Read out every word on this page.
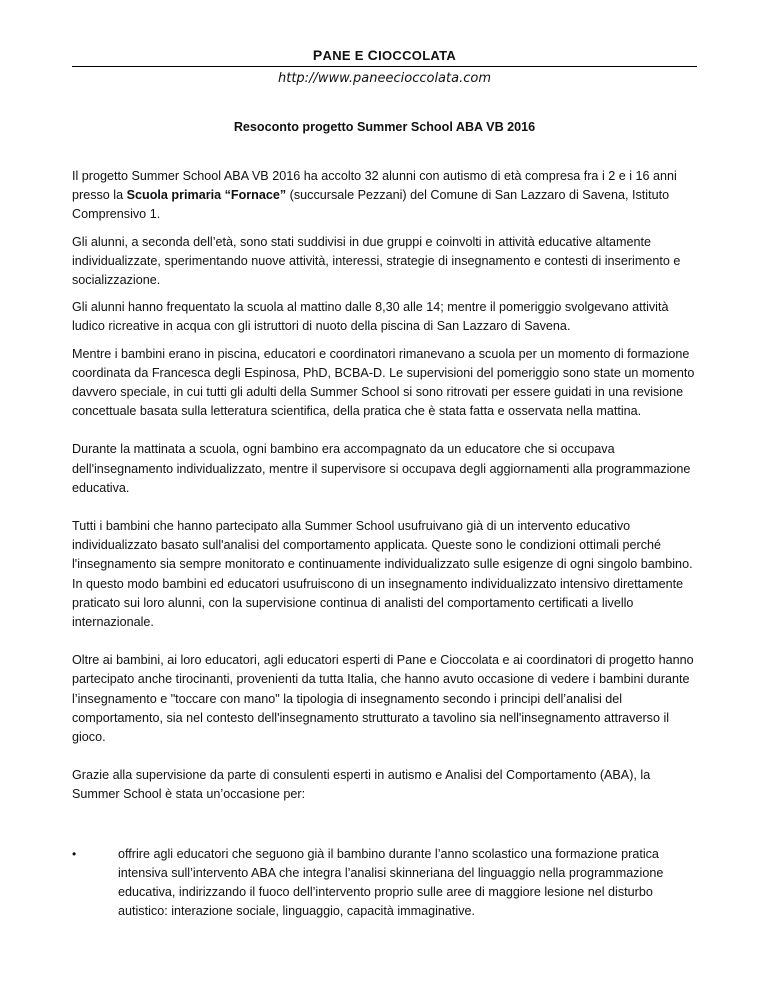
PANE E CIOCCOLATA
http://www.paneecioccolata.com
Resoconto progetto Summer School ABA VB 2016

Il progetto Summer School ABA VB 2016 ha accolto 32 alunni con autismo di età compresa fra i 2 e i 16 anni presso la Scuola primaria “Fornace” (succursale Pezzani) del Comune di San Lazzaro di Savena, Istituto Comprensivo 1.

Gli alunni, a seconda dell’età, sono stati suddivisi in due gruppi e coinvolti in attività educative altamente individualizzate, sperimentando nuove attività, interessi, strategie di insegnamento e contesti di inserimento e socializzazione.

Gli alunni hanno frequentato la scuola al mattino dalle 8,30 alle 14; mentre il pomeriggio svolgevano attività ludico ricreative in acqua con gli istruttori di nuoto della piscina di San Lazzaro di Savena.

Mentre i bambini erano in piscina, educatori e coordinatori rimanevano a scuola per un momento di formazione coordinata da Francesca degli Espinosa, PhD, BCBA-D. Le supervisioni del pomeriggio sono state un momento davvero speciale, in cui tutti gli adulti della Summer School si sono ritrovati per essere guidati in una revisione concettuale basata sulla letteratura scientifica, della pratica che è stata fatta e osservata nella mattina.

Durante la mattinata a scuola, ogni bambino era accompagnato da un educatore che si occupava dell'insegnamento individualizzato, mentre il supervisore si occupava degli aggiornamenti alla programmazione educativa.

Tutti i bambini che hanno partecipato alla Summer School usufruivano già di un intervento educativo individualizzato basato sull'analisi del comportamento applicata. Queste sono le condizioni ottimali perché l'insegnamento sia sempre monitorato e continuamente individualizzato sulle esigenze di ogni singolo bambino. In questo modo bambini ed educatori usufruiscono di un insegnamento individualizzato intensivo direttamente praticato sui loro alunni, con la supervisione continua di analisti del comportamento certificati a livello internazionale.

Oltre ai bambini, ai loro educatori, agli educatori esperti di Pane e Cioccolata e ai coordinatori di progetto hanno partecipato anche tirocinanti, provenienti da tutta Italia, che hanno avuto occasione di vedere i bambini durante l’insegnamento e "toccare con mano" la tipologia di insegnamento secondo i principi dell’analisi del comportamento, sia nel contesto dell'insegnamento strutturato a tavolino sia nell'insegnamento attraverso il gioco.

Grazie alla supervisione da parte di consulenti esperti in autismo e Analisi del Comportamento (ABA), la Summer School è stata un’occasione per:

•	offrire agli educatori che seguono già il bambino durante l’anno scolastico una formazione pratica intensiva sull’intervento ABA che integra l’analisi skinneriana del linguaggio nella programmazione educativa, indirizzando il fuoco dell’intervento proprio sulle aree di maggiore lesione nel disturbo autistico: interazione sociale, linguaggio, capacità immaginative.
